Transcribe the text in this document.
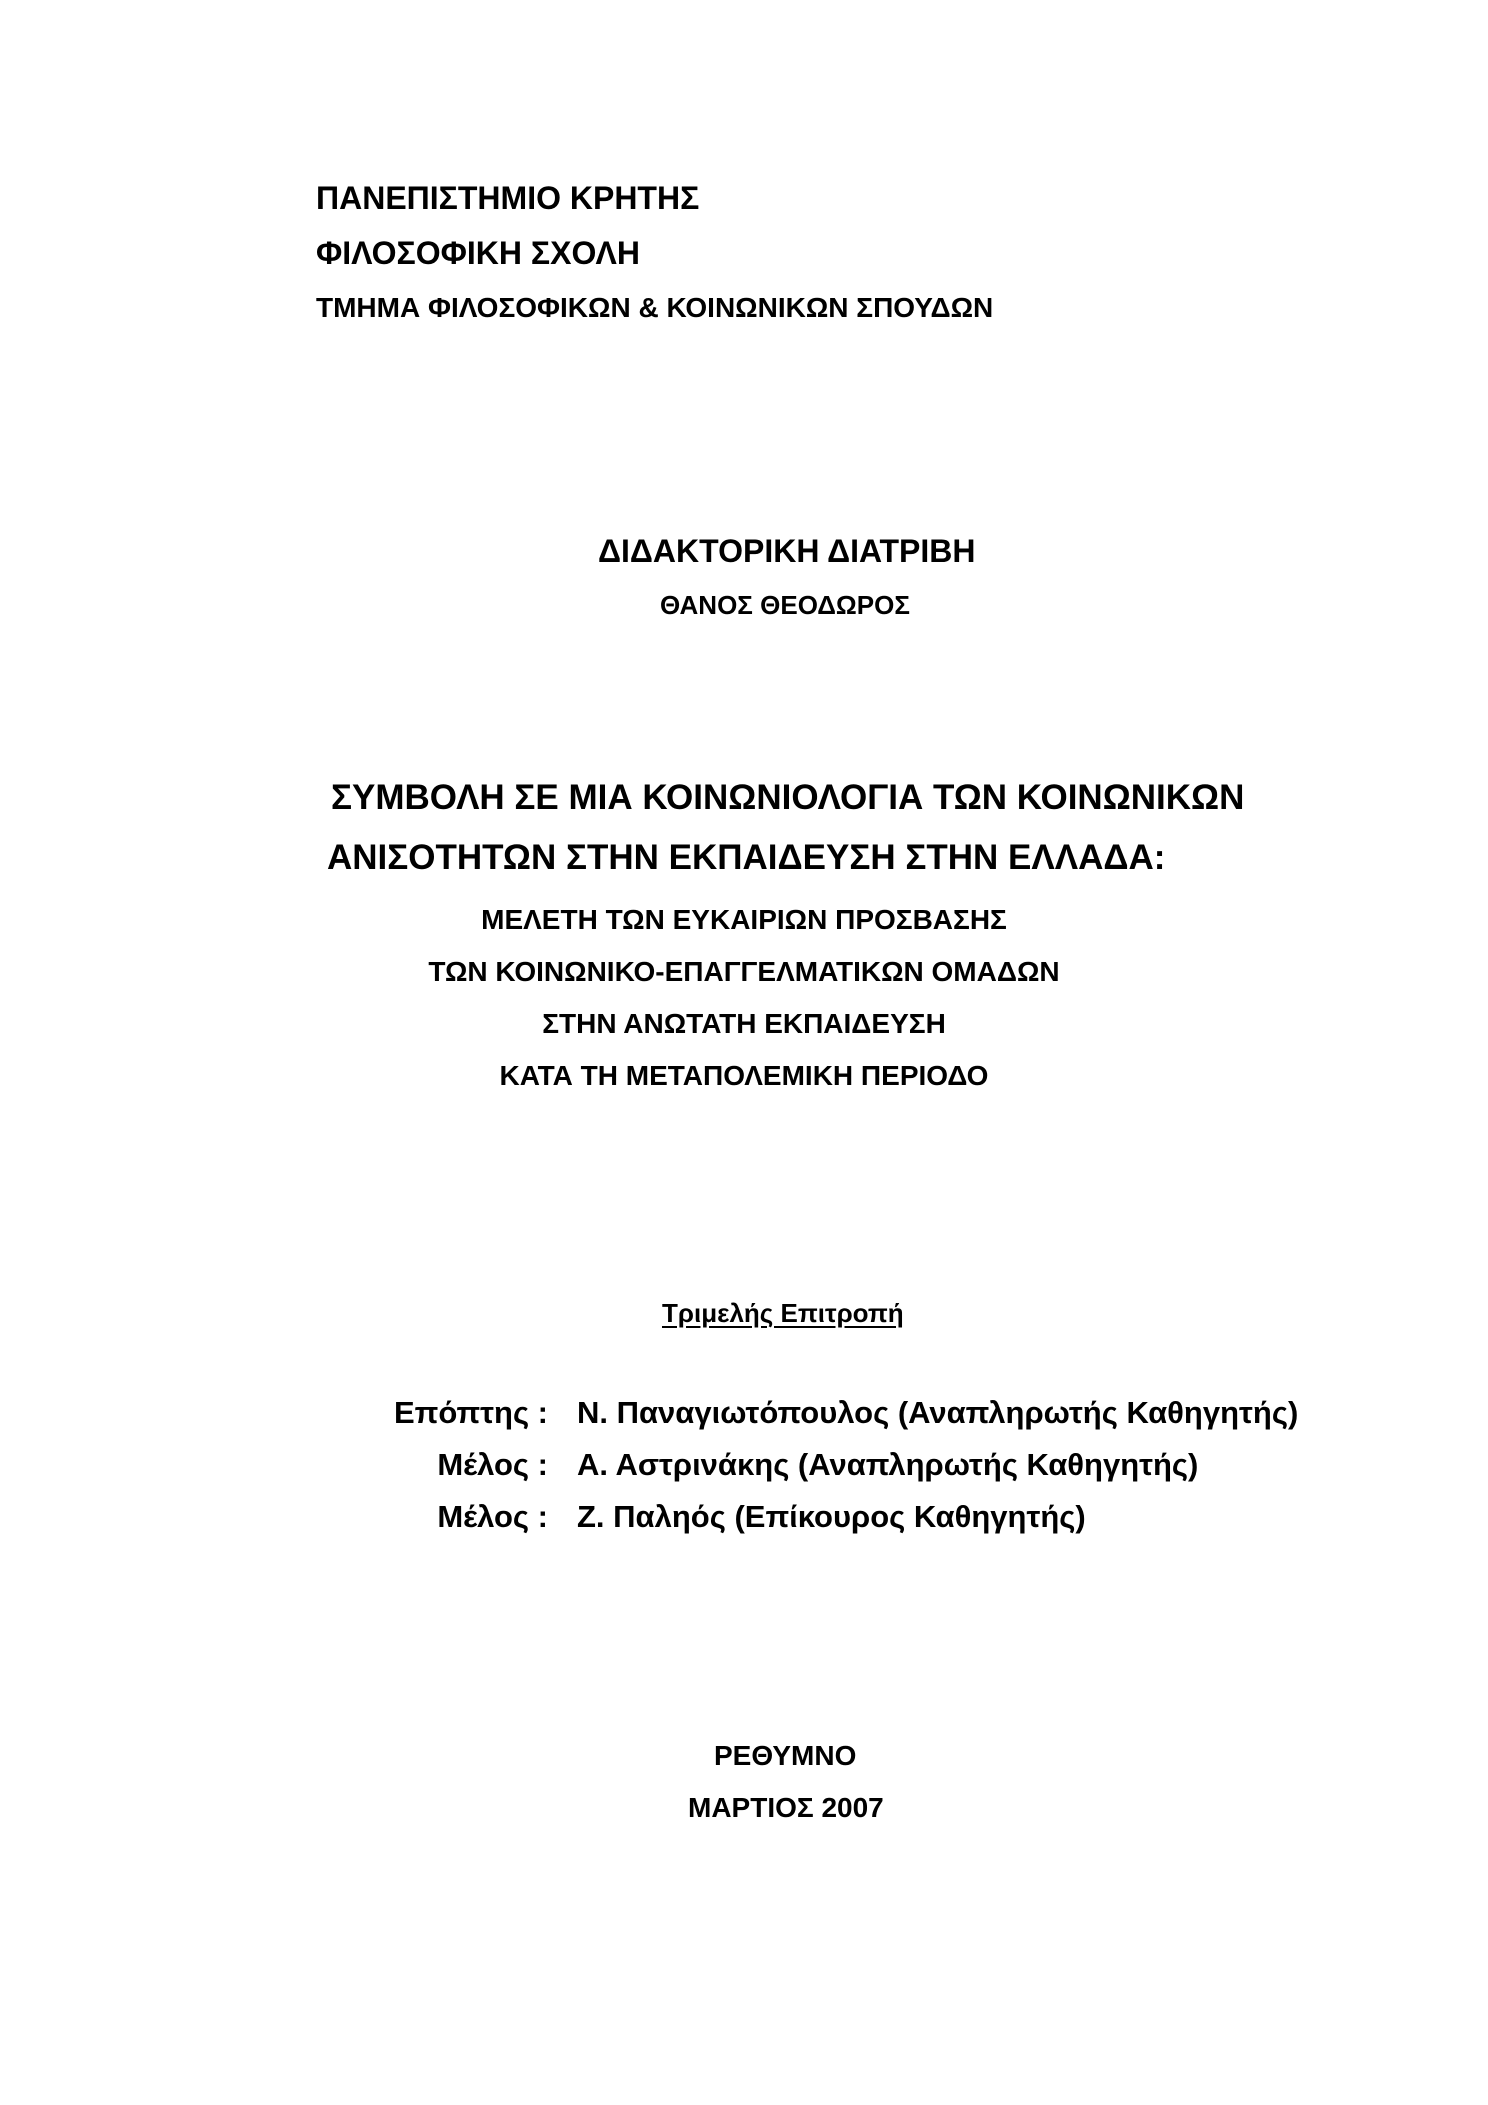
ΠΑΝΕΠΙΣΤΗΜΙΟ ΚΡΗΤΗΣ
ΦΙΛΟΣΟΦΙΚΗ ΣΧΟΛΗ
ΤΜΗΜΑ ΦΙΛΟΣΟΦΙΚΩΝ & ΚΟΙΝΩΝΙΚΩΝ ΣΠΟΥΔΩΝ
ΔΙΔΑΚΤΟΡΙΚΗ ΔΙΑΤΡΙΒΗ
ΘΑΝΟΣ ΘΕΟΔΩΡΟΣ
ΣΥΜΒΟΛΗ ΣΕ ΜΙΑ ΚΟΙΝΩΝΙΟΛΟΓΙΑ ΤΩΝ ΚΟΙΝΩΝΙΚΩΝ
ΑΝΙΣΟΤΗΤΩΝ ΣΤΗΝ ΕΚΠΑΙΔΕΥΣΗ ΣΤΗΝ ΕΛΛΑΔΑ:
ΜΕΛΕΤΗ ΤΩΝ ΕΥΚΑΙΡΙΩΝ ΠΡΟΣΒΑΣΗΣ
ΤΩΝ ΚΟΙΝΩΝΙΚΟ-ΕΠΑΓΓΕΛΜΑΤΙΚΩΝ ΟΜΑΔΩΝ
ΣΤΗΝ ΑΝΩΤΑΤΗ ΕΚΠΑΙΔΕΥΣΗ
ΚΑΤΑ ΤΗ ΜΕΤΑΠΟΛΕΜΙΚΗ ΠΕΡΙΟΔΟ
Τριμελής Επιτροπή
Επόπτης : Ν. Παναγιωτόπουλος (Αναπληρωτής Καθηγητής)
Μέλος : Α. Αστρινάκης (Αναπληρωτής Καθηγητής)
Μέλος : Ζ. Παληός (Επίκουρος Καθηγητής)
ΡΕΘΥΜΝΟ
ΜΑΡΤΙΟΣ 2007
